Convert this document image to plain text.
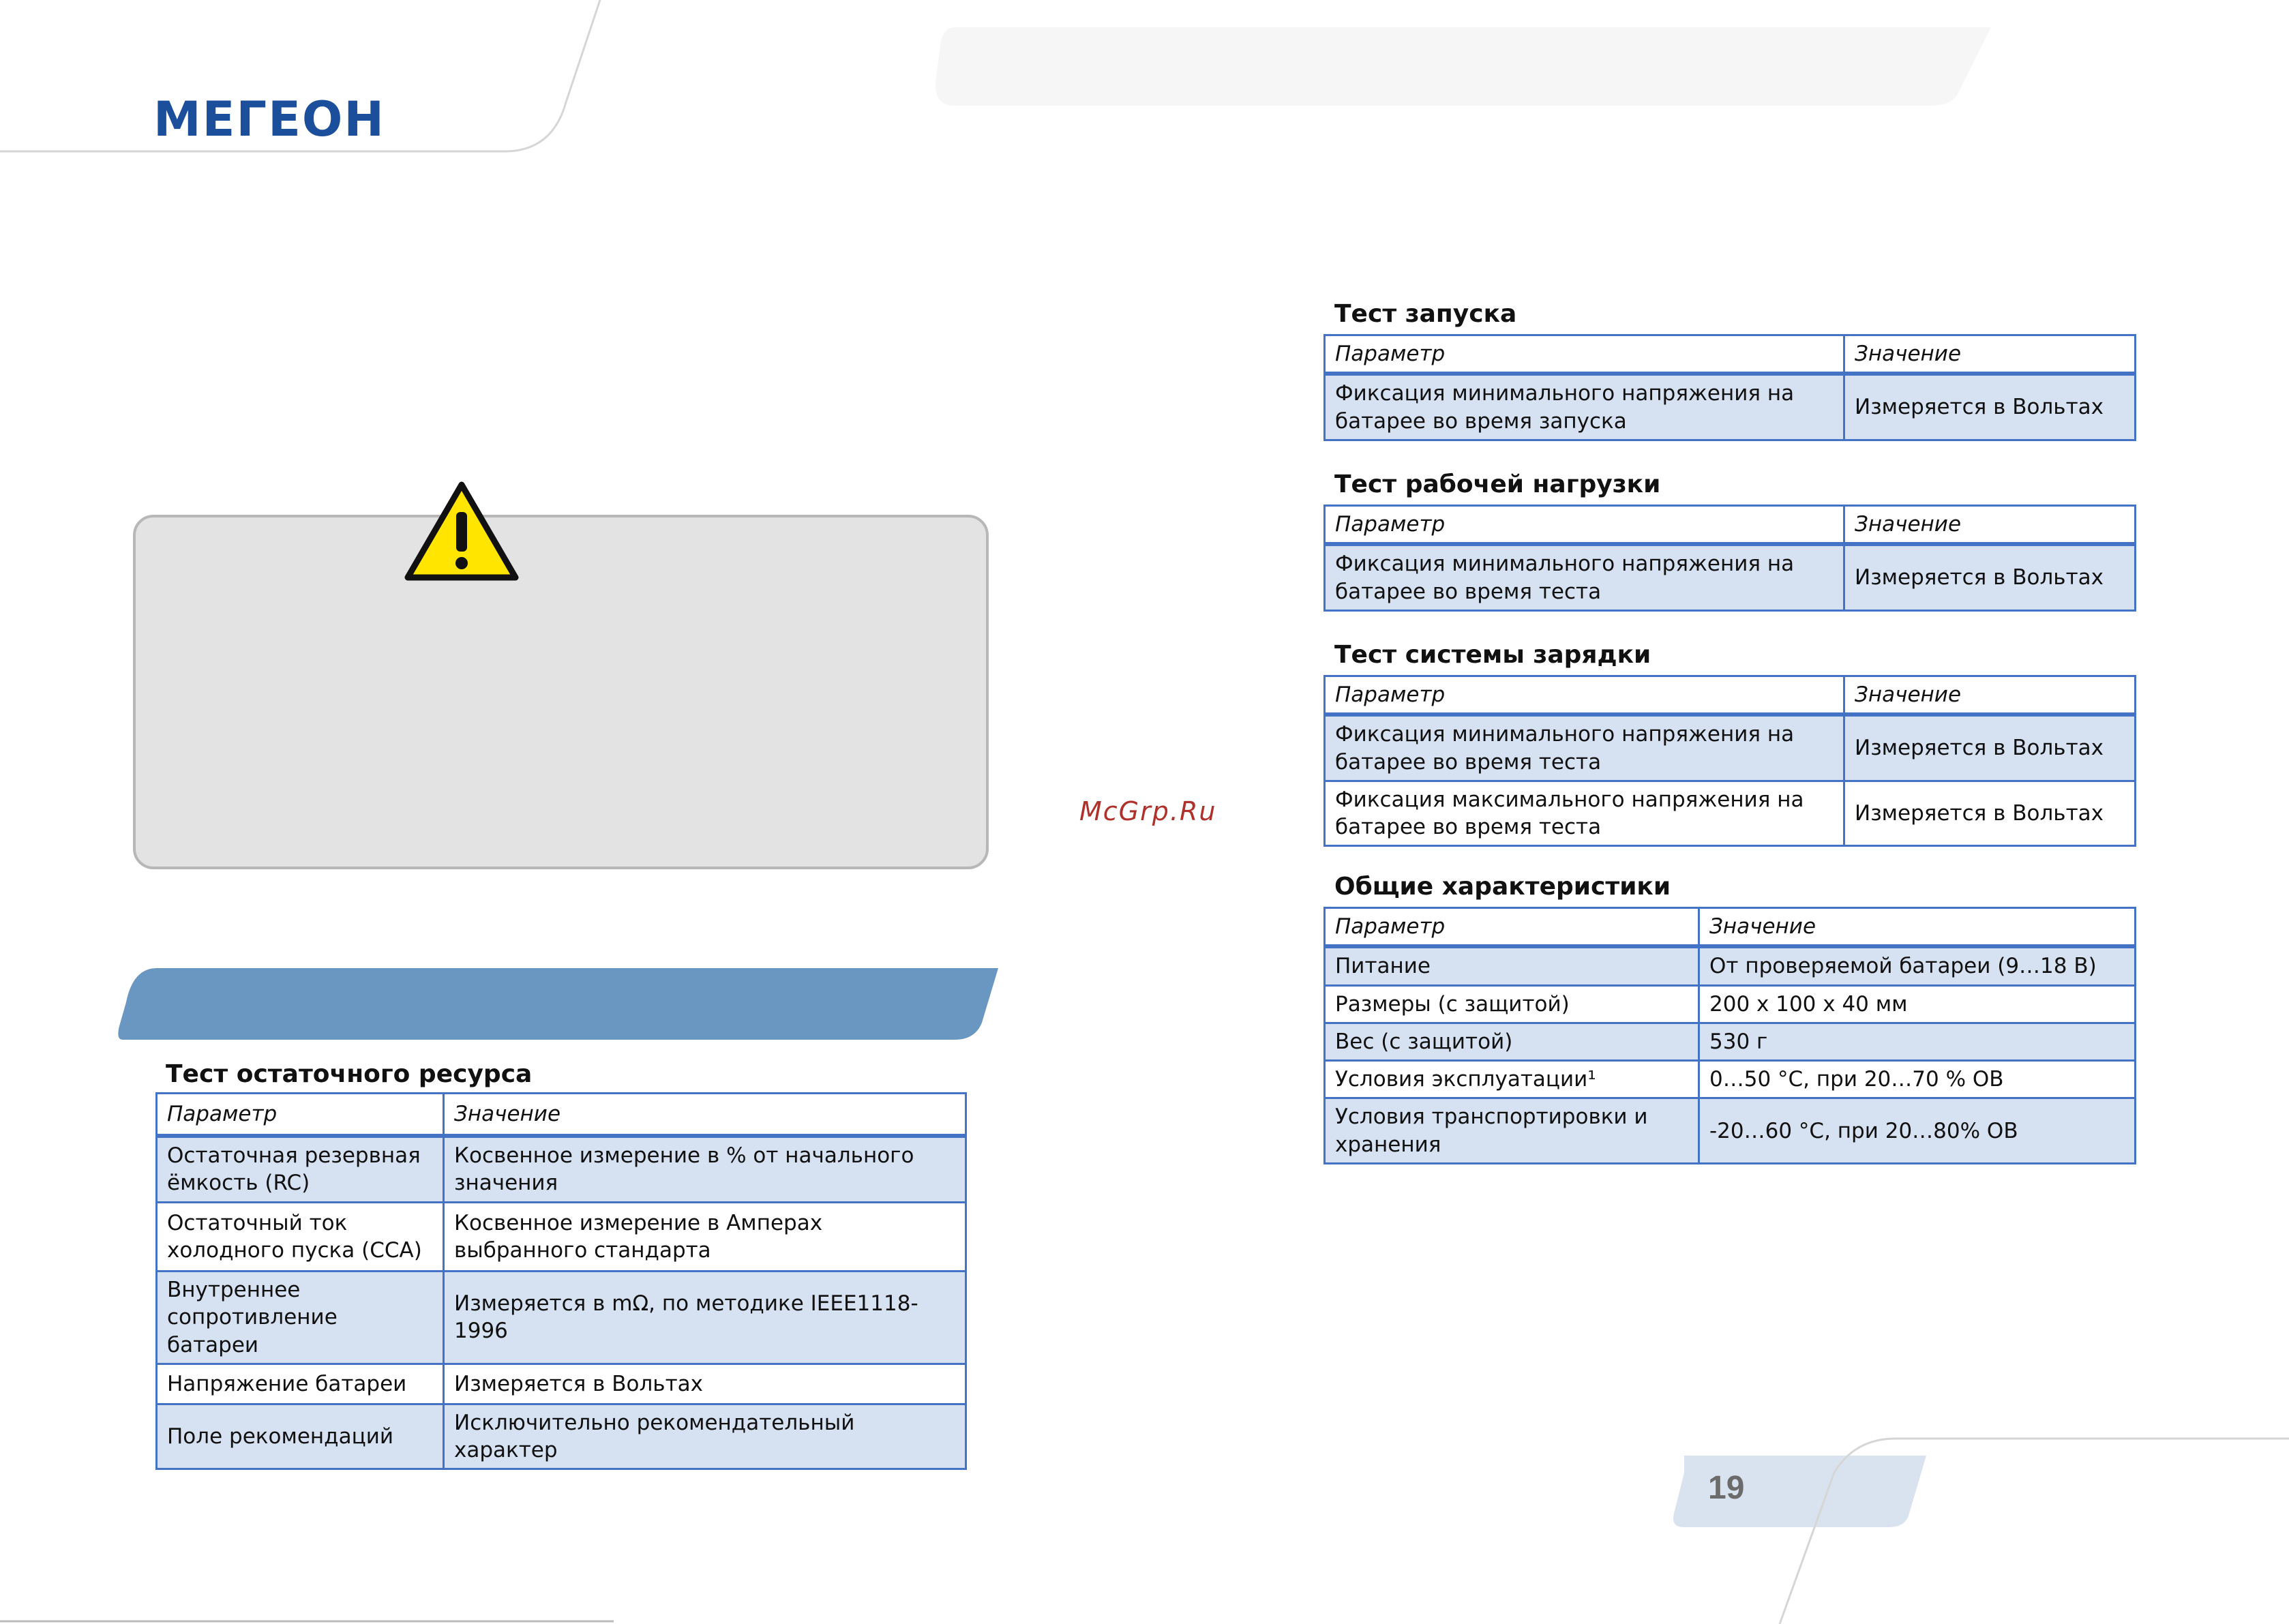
МЕГЕОН
McGrp.Ru
19
Тест остаточного ресурса
Параметр	Значение
Остаточная резервная ёмкость (RC)	Косвенное измерение в % от начального значения
Остаточный ток холодного пуска (CCA)	Косвенное измерение в Амперах выбранного стандарта
Внутреннее сопротивление батареи	Измеряется в mΩ, по методике IEEE1118-1996
Напряжение батареи	Измеряется в Вольтах
Поле рекомендаций	Исключительно рекомендательный характер
Тест запуска
Параметр	Значение
Фиксация минимального напряжения на батарее во время запуска	Измеряется в Вольтах
Тест рабочей нагрузки
Параметр	Значение
Фиксация минимального напряжения на батарее во время теста	Измеряется в Вольтах
Тест системы зарядки
Параметр	Значение
Фиксация минимального напряжения на батарее во время теста	Измеряется в Вольтах
Фиксация максимального напряжения на батарее во время теста	Измеряется в Вольтах
Общие характеристики
Параметр	Значение
Питание	От проверяемой батареи (9…18 В)
Размеры (с защитой)	200 х 100 х 40 мм
Вес (с защитой)	530 г
Условия эксплуатации¹	0…50 °C, при 20…70 % ОВ
Условия транспортировки и хранения	-20…60 °C, при 20…80% ОВ
